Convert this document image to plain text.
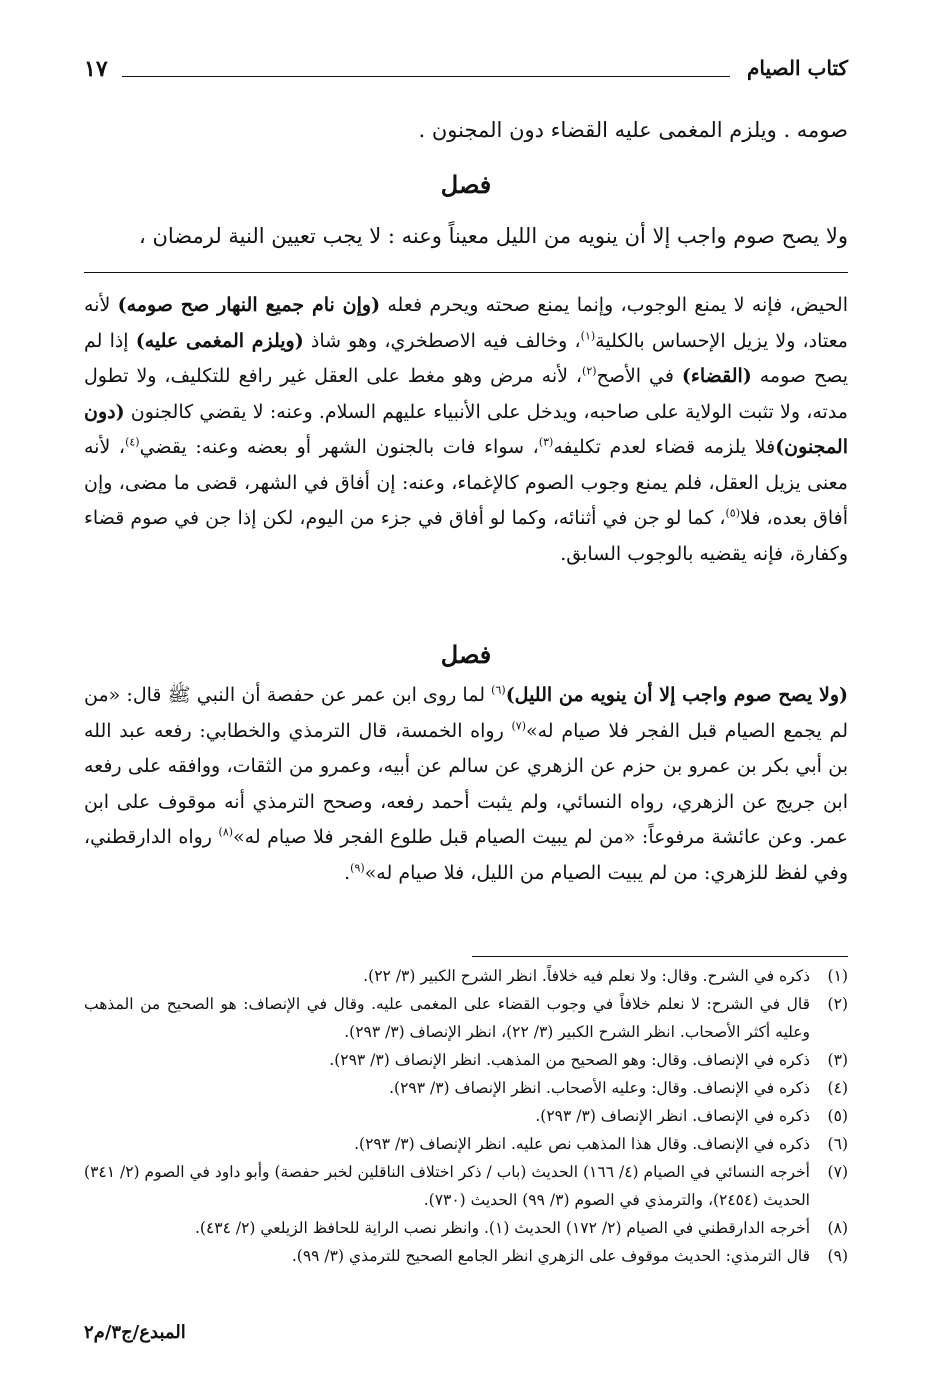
كتاب الصيام
١٧
صومه . ويلزم المغمى عليه القضاء دون المجنون .
فصل
ولا يصح صوم واجب إلا أن ينويه من الليل معيناً وعنه : لا يجب تعيين النية لرمضان ،

الحيض، فإنه لا يمنع الوجوب، وإنما يمنع صحته ويحرم فعله (وإن نام جميع النهار صح صومه) لأنه معتاد، ولا يزيل الإحساس بالكلية$^{(١)}$، وخالف فيه الاصطخري، وهو شاذ (ويلزم المغمى عليه) إذا لم يصح صومه (القضاء) في الأصح$^{(٢)}$، لأنه مرض وهو مغط على العقل غير رافع للتكليف، ولا تطول مدته، ولا تثبت الولاية على صاحبه، ويدخل على الأنبياء عليهم السلام. وعنه: لا يقضي كالجنون (دون المجنون)فلا يلزمه قضاء لعدم تكليفه$^{(٣)}$، سواء فات بالجنون الشهر أو بعضه وعنه: يقضي$^{(٤)}$، لأنه معنى يزيل العقل، فلم يمنع وجوب الصوم كالإغماء، وعنه: إن أفاق في الشهر، قضى ما مضى، وإن أفاق بعده، فلا$^{(٥)}$، كما لو جن في أثنائه، وكما لو أفاق في جزء من اليوم، لكن إذا جن في صوم قضاء وكفارة، فإنه يقضيه بالوجوب السابق.

فصل

(ولا يصح صوم واجب إلا أن ينويه من الليل)$^{(٦)}$ لما روى ابن عمر عن حفصة أن النبي ﷺ قال: «من لم يجمع الصيام قبل الفجر فلا صيام له»$^{(٧)}$ رواه الخمسة، قال الترمذي والخطابي: رفعه عبد الله بن أبي بكر بن عمرو بن حزم عن الزهري عن سالم عن أبيه، وعمرو من الثقات، ووافقه على رفعه ابن جريج عن الزهري، رواه النسائي، ولم يثبت أحمد رفعه، وصحح الترمذي أنه موقوف على ابن عمر. وعن عائشة مرفوعاً: «من لم يبيت الصيام قبل طلوع الفجر فلا صيام له»$^{(٨)}$ رواه الدارقطني، وفي لفظ للزهري: من لم يبيت الصيام من الليل، فلا صيام له»$^{(٩)}$.

(١)
ذكره في الشرح. وقال: ولا نعلم فيه خلافاً. انظر الشرح الكبير (٣/ ٢٢).
(٢)
قال في الشرح: لا نعلم خلافاً في وجوب القضاء على المغمى عليه. وقال في الإنصاف: هو الصحيح من المذهب وعليه أكثر الأصحاب. انظر الشرح الكبير (٣/ ٢٢)، انظر الإنصاف (٣/ ٢٩٣).
(٣)
ذكره في الإنصاف. وقال: وهو الصحيح من المذهب. انظر الإنصاف (٣/ ٢٩٣).
(٤)
ذكره في الإنصاف. وقال: وعليه الأصحاب. انظر الإنصاف (٣/ ٢٩٣).
(٥)
ذكره في الإنصاف. انظر الإنصاف (٣/ ٢٩٣).
(٦)
ذكره في الإنصاف. وقال هذا المذهب نص عليه. انظر الإنصاف (٣/ ٢٩٣).
(٧)
أخرجه النسائي في الصيام (٤/ ١٦٦) الحديث (باب / ذكر اختلاف الناقلين لخبر حفصة) وأبو داود في الصوم (٢/ ٣٤١) الحديث (٢٤٥٤)، والترمذي في الصوم (٣/ ٩٩) الحديث (٧٣٠).
(٨)
أخرجه الدارقطني في الصيام (٢/ ١٧٢) الحديث (١). وانظر نصب الراية للحافظ الزيلعي (٢/ ٤٣٤).
(٩)
قال الترمذي: الحديث موقوف على الزهري انظر الجامع الصحيح للترمذي (٣/ ٩٩).
المبدع/ج٣/م٢
